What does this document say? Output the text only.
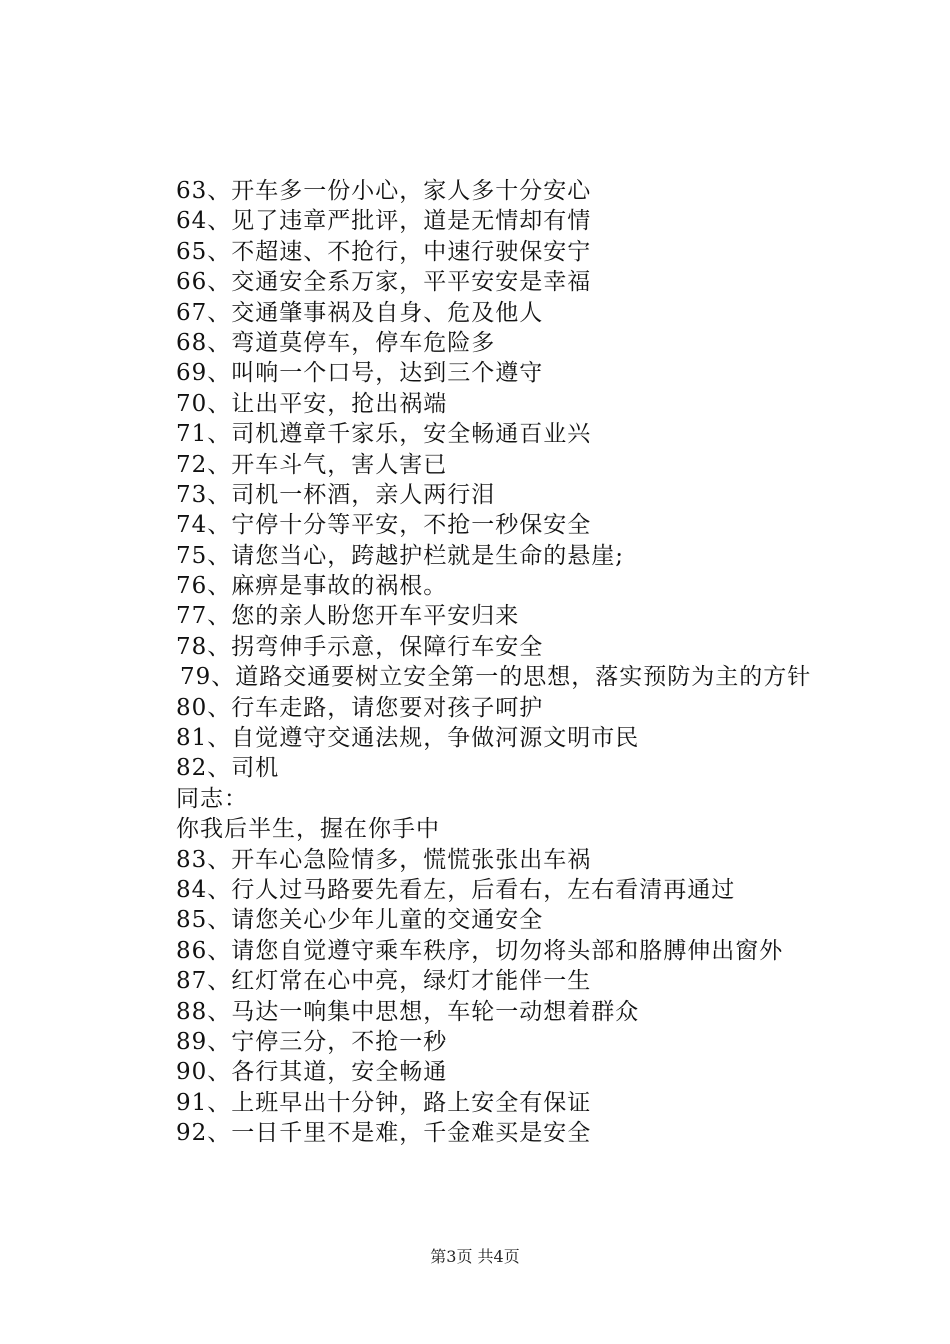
63、开车多一份小心，家人多十分安心
64、见了违章严批评，道是无情却有情
65、不超速、不抢行，中速行驶保安宁
66、交通安全系万家，平平安安是幸福
67、交通肇事祸及自身、危及他人
68、弯道莫停车，停车危险多
69、叫响一个口号，达到三个遵守
70、让出平安，抢出祸端
71、司机遵章千家乐，安全畅通百业兴
72、开车斗气，害人害已
73、司机一杯酒，亲人两行泪
74、宁停十分等平安，不抢一秒保安全
75、请您当心，跨越护栏就是生命的悬崖;
76、麻痹是事故的祸根。
77、您的亲人盼您开车平安归来
78、拐弯伸手示意，保障行车安全
79、道路交通要树立安全第一的思想，落实预防为主的方针
80、行车走路，请您要对孩子呵护
81、自觉遵守交通法规，争做河源文明市民
82、司机
同志：
你我后半生，握在你手中
83、开车心急险情多，慌慌张张出车祸
84、行人过马路要先看左，后看右，左右看清再通过
85、请您关心少年儿童的交通安全
86、请您自觉遵守乘车秩序，切勿将头部和胳膊伸出窗外
87、红灯常在心中亮，绿灯才能伴一生
88、马达一响集中思想，车轮一动想着群众
89、宁停三分，不抢一秒
90、各行其道，安全畅通
91、上班早出十分钟，路上安全有保证
92、一日千里不是难，千金难买是安全
第3页 共4页
